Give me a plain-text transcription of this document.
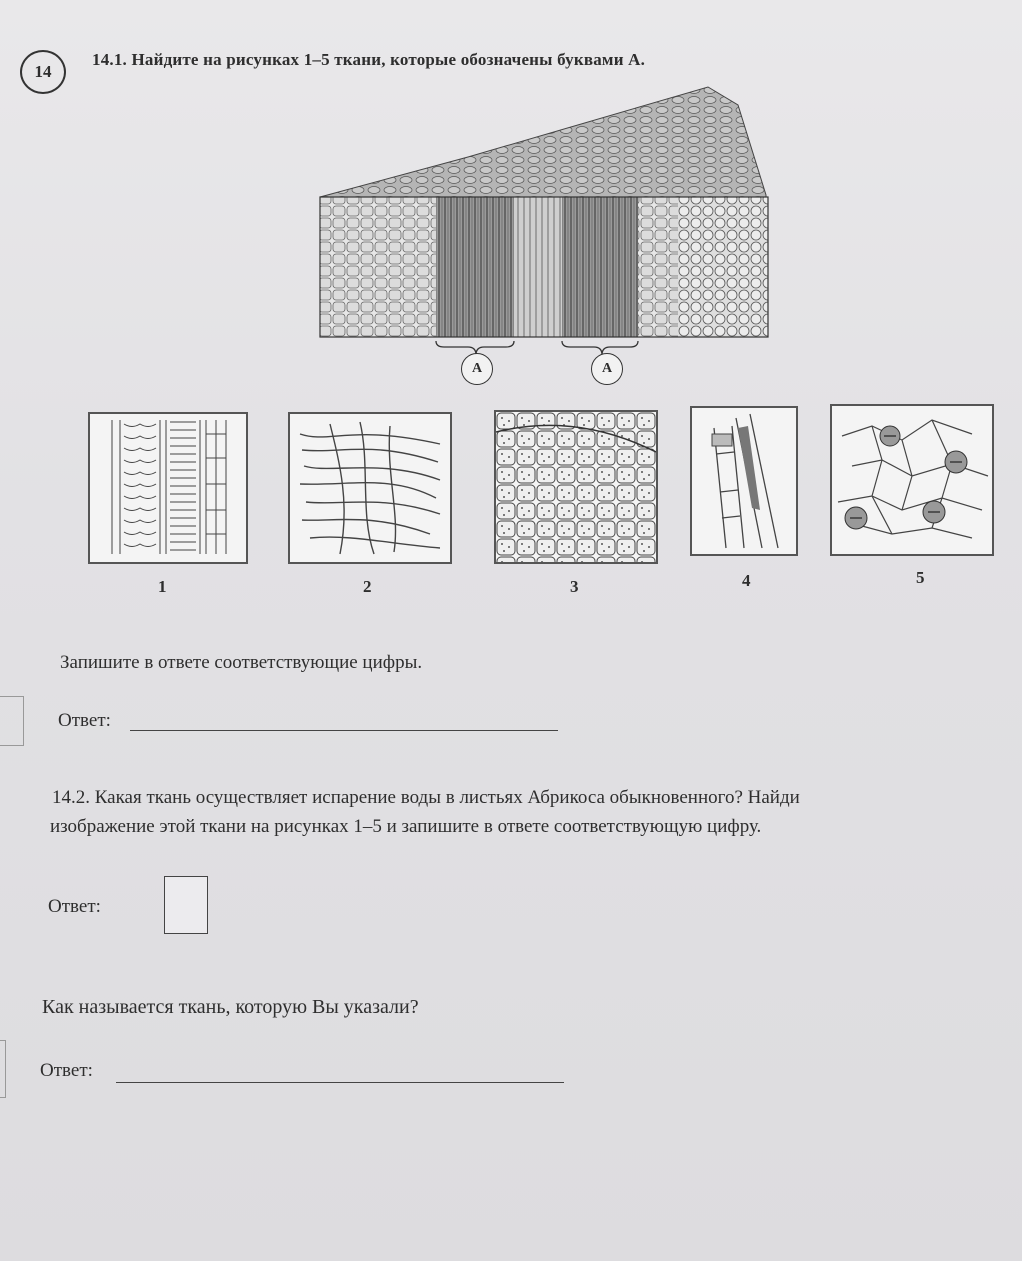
14
14.1. Найдите на рисунках 1–5 ткани, которые обозначены буквами А.
А	А
1	2	3	4	5
Запишите в ответе соответствующие цифры.
Ответ:
14.2. Какая ткань осуществляет испарение воды в листьях Абрикоса обыкновенного? Найди
изображение этой ткани на рисунках 1–5 и запишите в ответе соответствующую цифру.
Ответ:
Как называется ткань, которую Вы указали?
Ответ:
